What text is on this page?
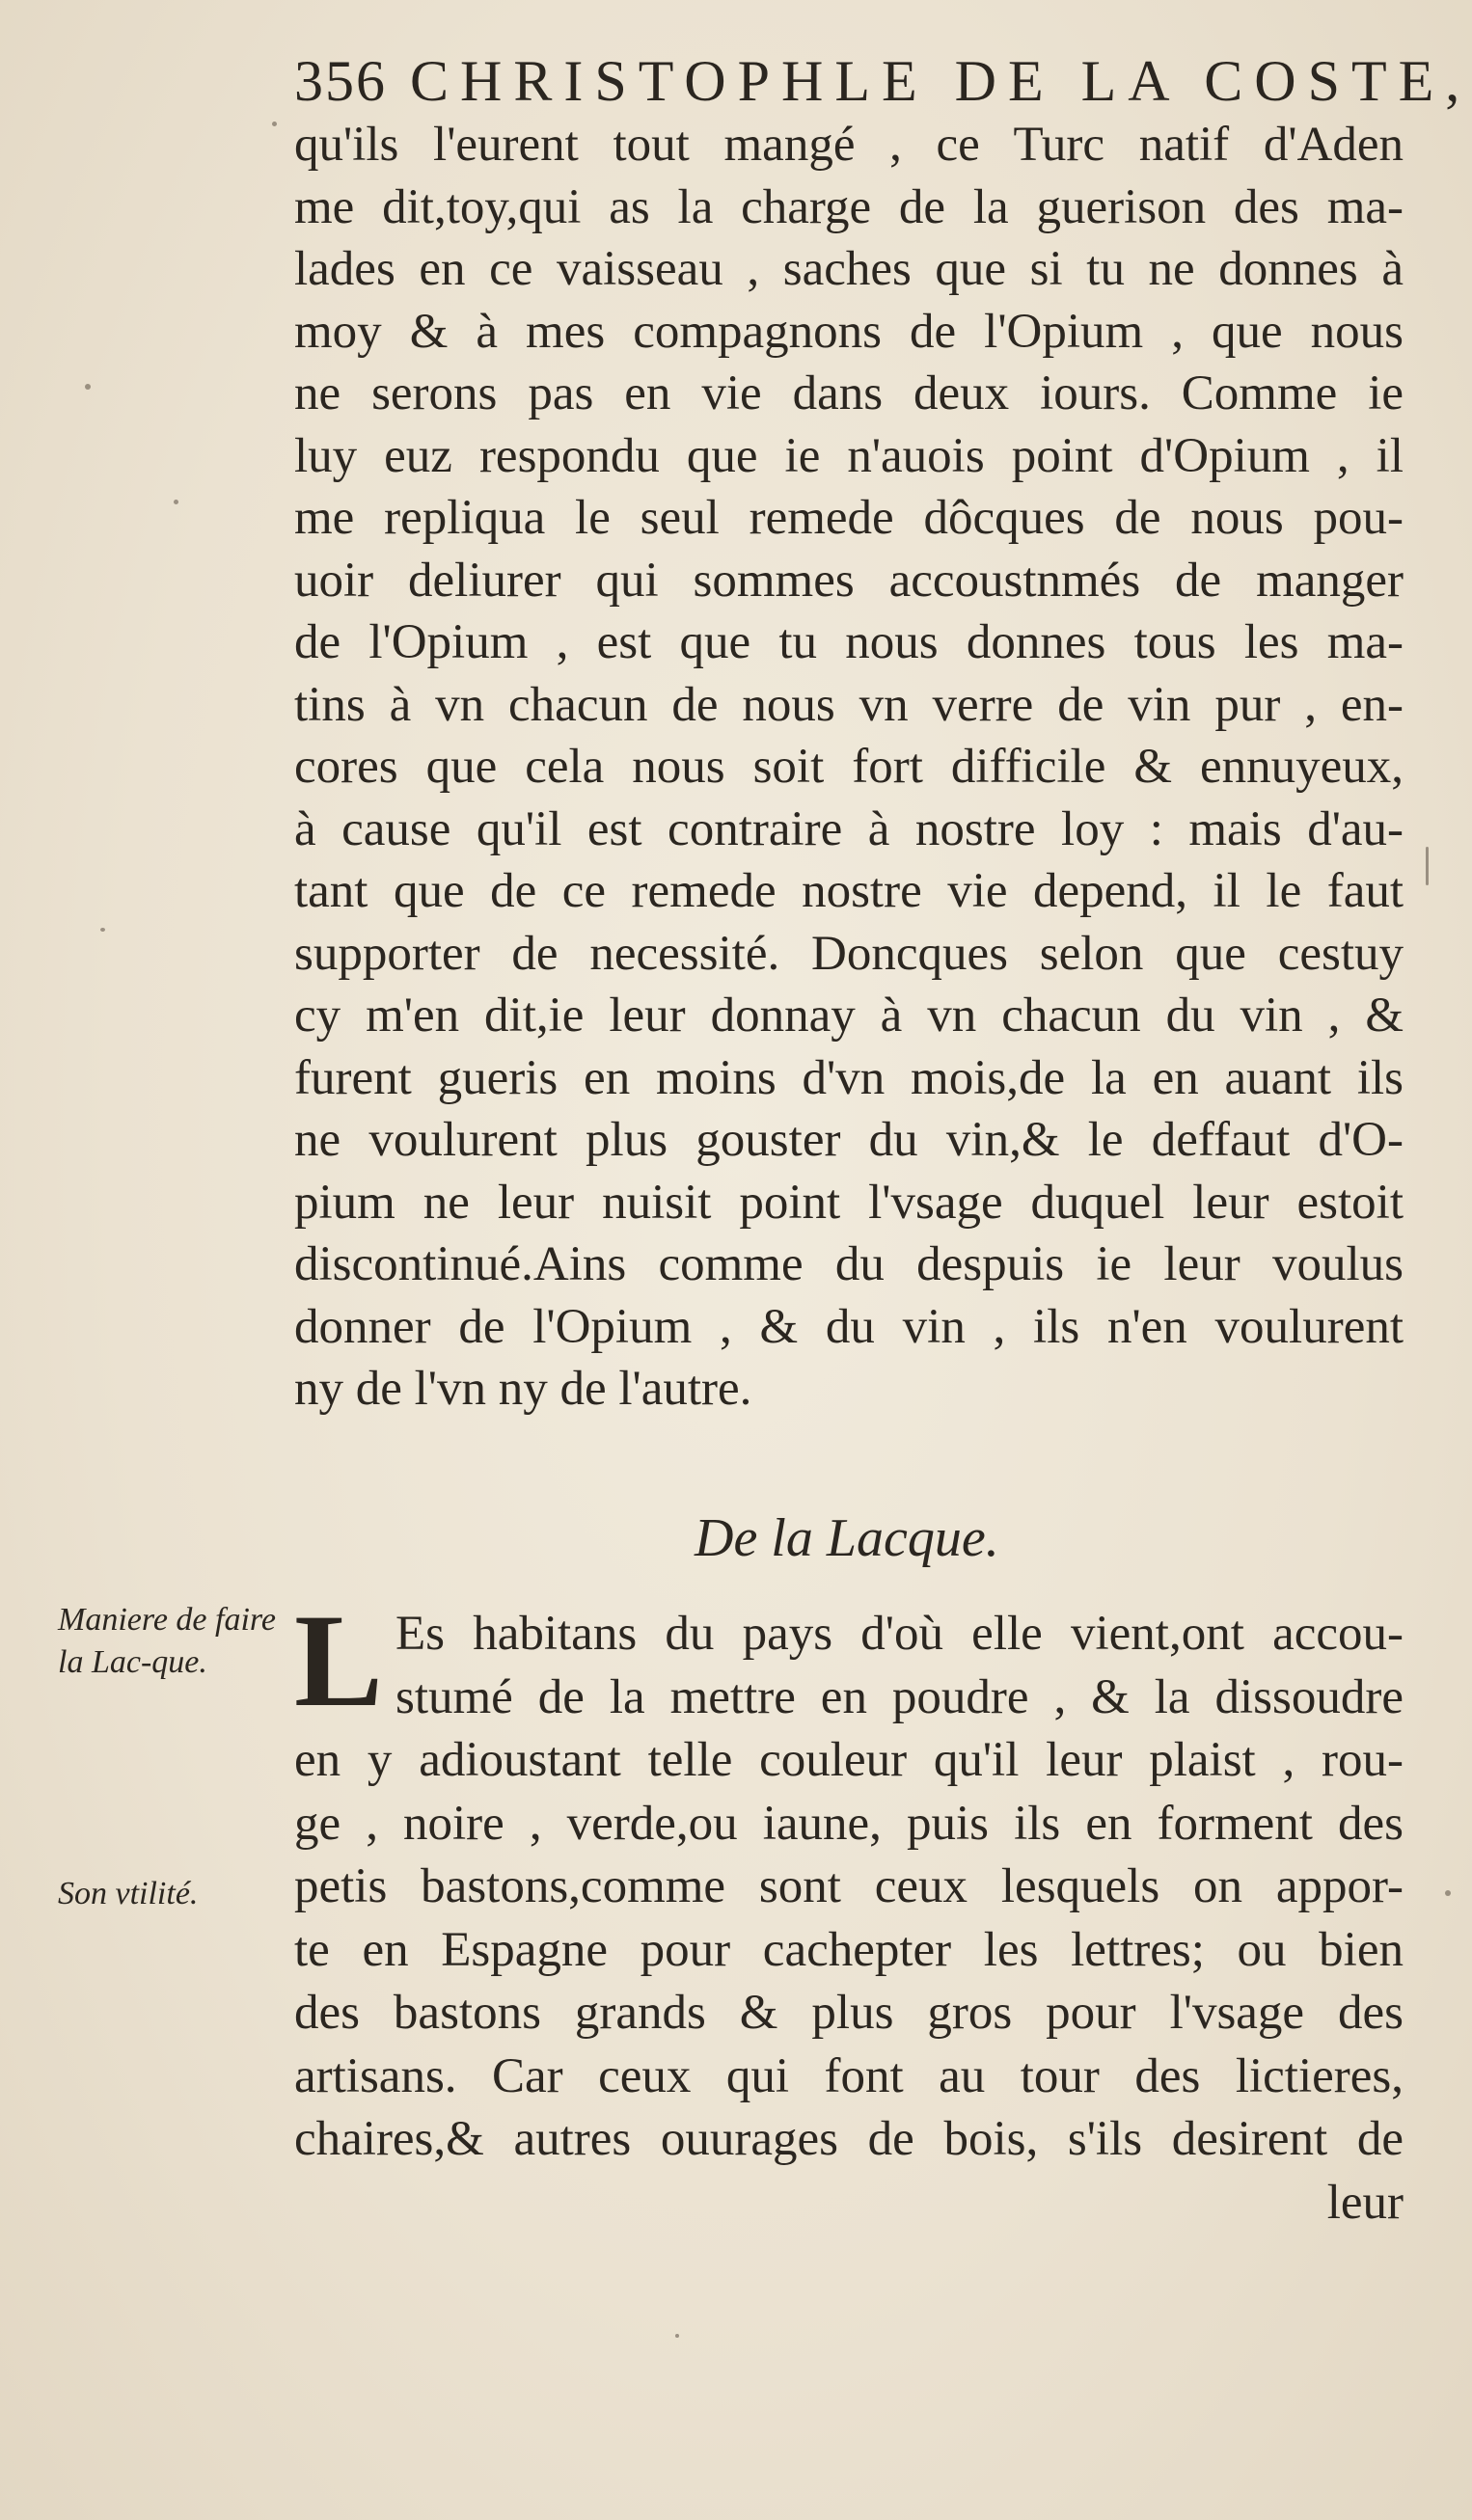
356 CHRISTOPHLE DE LA COSTE,
qu'ils l'eurent tout mangé , ce Turc natif d'Aden
me dit,toy,qui as la charge de la guerison des ma-
lades en ce vaisseau , saches que si tu ne donnes à
moy & à mes compagnons de l'Opium , que nous
ne serons pas en vie dans deux iours. Comme ie
luy euz respondu que ie n'auois point d'Opium , il
me repliqua le seul remede dôcques de nous pou-
uoir deliurer qui sommes accoustnmés de manger
de l'Opium , est que tu nous donnes tous les ma-
tins à vn chacun de nous vn verre de vin pur , en-
cores que cela nous soit fort difficile & ennuyeux,
à cause qu'il est contraire à nostre loy : mais d'au-
tant que de ce remede nostre vie depend, il le faut
supporter de necessité. Doncques selon que cestuy
cy m'en dit,ie leur donnay à vn chacun du vin , &
furent gueris en moins d'vn mois,de la en auant ils
ne voulurent plus gouster du vin,& le deffaut d'O-
pium ne leur nuisit point l'vsage duquel leur estoit
discontinué.Ains comme du despuis ie leur voulus
donner de l'Opium , & du vin , ils n'en voulurent
ny de l'vn ny de l'autre.
De la Lacque.
Maniere de faire la Lac-que.
Son vtilité.
L Es habitans du pays d'où elle vient,ont accou-
stumé de la mettre en poudre , & la dissoudre
en y adioustant telle couleur qu'il leur plaist , rou-
ge , noire , verde,ou iaune, puis ils en forment des
petis bastons,comme sont ceux lesquels on appor-
te en Espagne pour cachepter les lettres; ou bien
des bastons grands & plus gros pour l'vsage des
artisans. Car ceux qui font au tour des lictieres,
chaires,& autres ouurages de bois, s'ils desirent de
leur
